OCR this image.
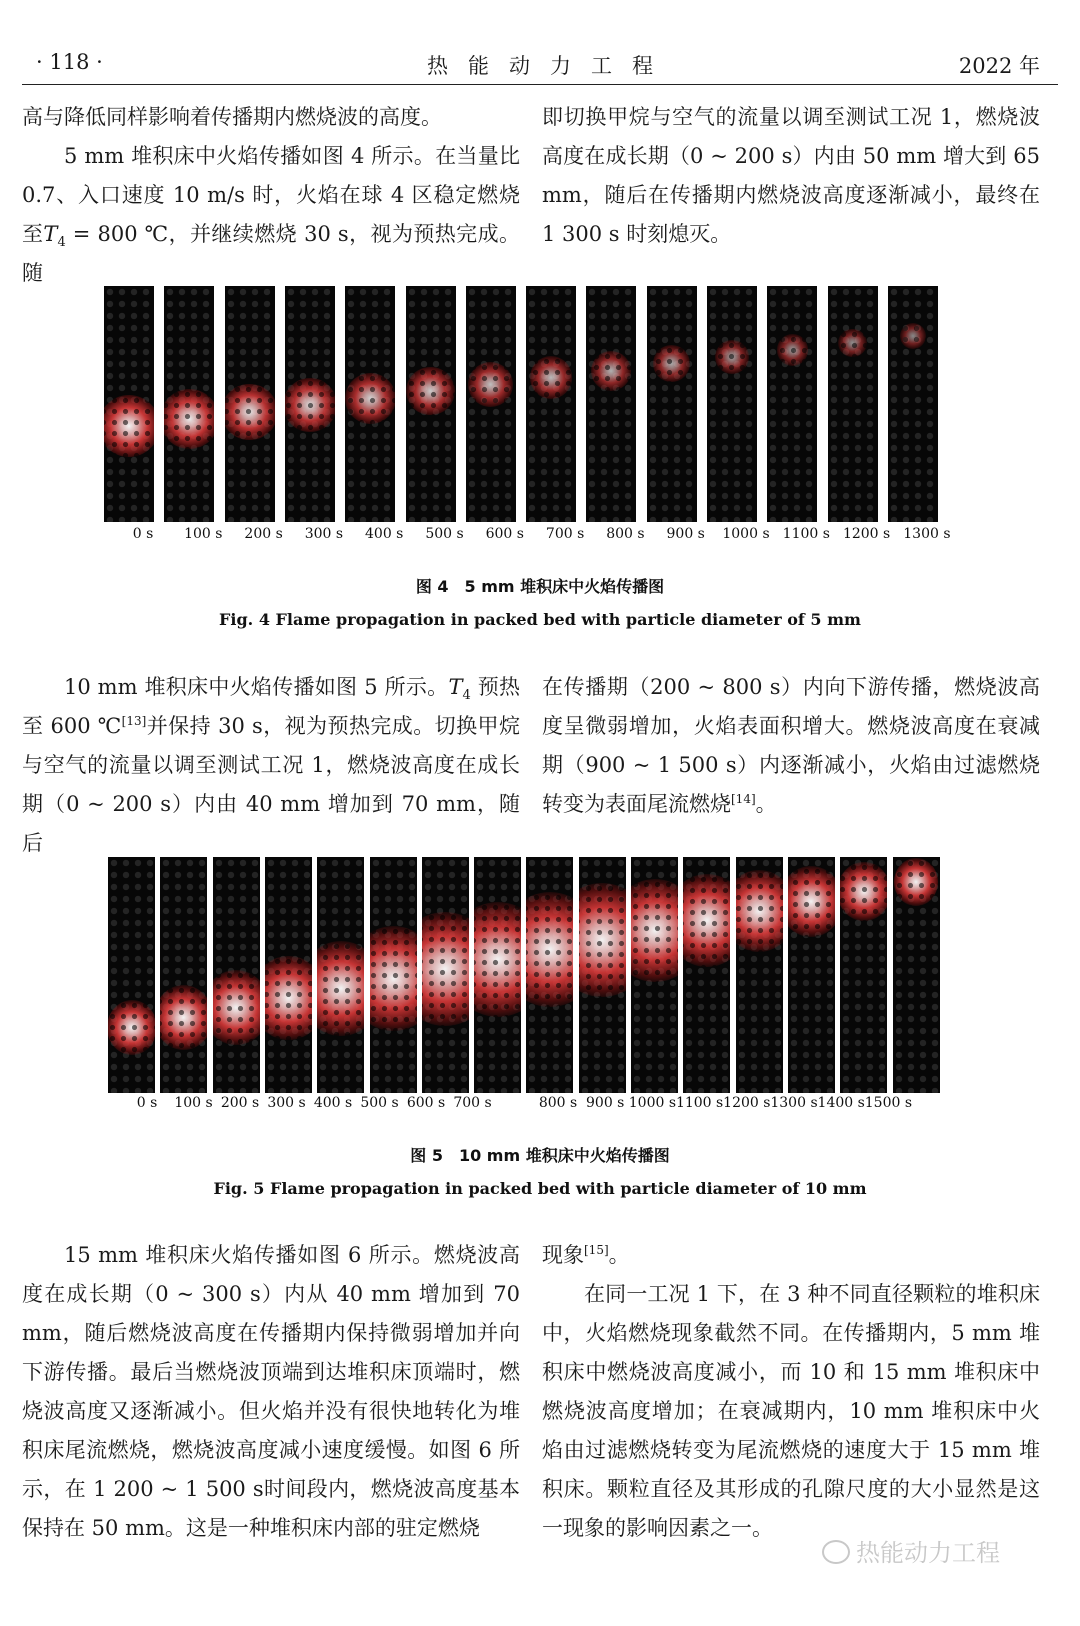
· 118 ·	热能动力工程	2022 年

高与降低同样影响着传播期内燃烧波的高度。

5 mm 堆积床中火焰传播如图 4 所示。在当量比 0.7、入口速度 10 m/s 时，火焰在球 4 区稳定燃烧至$T_4 = 800$ ℃，并继续燃烧 30 s，视为预热完成。随

即切换甲烷与空气的流量以调至测试工况 1，燃烧波高度在成长期（0 ~ 200 s）内由 50 mm 增大到 65 mm，随后在传播期内燃烧波高度逐渐减小，最终在 1 300 s 时刻熄灭。

0 s 100 s 200 s 300 s 400 s 500 s 600 s 700 s 800 s 900 s 1000 s 1100 s 1200 s 1300 s
图 4　5 mm 堆积床中火焰传播图
Fig. 4 Flame propagation in packed bed with particle diameter of 5 mm

10 mm 堆积床中火焰传播如图 5 所示。$T_4$ 预热至 600 ℃[13]并保持 30 s，视为预热完成。切换甲烷与空气的流量以调至测试工况 1，燃烧波高度在成长期（0 ~ 200 s）内由 40 mm 增加到 70 mm，随后

在传播期（200 ~ 800 s）内向下游传播，燃烧波高度呈微弱增加，火焰表面积增大。燃烧波高度在衰减期（900 ~ 1 500 s）内逐渐减小，火焰由过滤燃烧转变为表面尾流燃烧[14]。

0 s 100 s 200 s 300 s 400 s 500 s 600 s 700 s	800 s 900 s 1000 s 1100 s 1200 s 1300 s 1400 s 1500 s
图 5　10 mm 堆积床中火焰传播图
Fig. 5 Flame propagation in packed bed with particle diameter of 10 mm

15 mm 堆积床火焰传播如图 6 所示。燃烧波高度在成长期（0 ~ 300 s）内从 40 mm 增加到 70 mm，随后燃烧波高度在传播期内保持微弱增加并向下游传播。最后当燃烧波顶端到达堆积床顶端时，燃烧波高度又逐渐减小。但火焰并没有很快地转化为堆积床尾流燃烧，燃烧波高度减小速度缓慢。如图 6 所示，在 1 200 ~ 1 500 s时间段内，燃烧波高度基本保持在 50 mm。这是一种堆积床内部的驻定燃烧

现象[15]。

在同一工况 1 下，在 3 种不同直径颗粒的堆积床中，火焰燃烧现象截然不同。在传播期内，5 mm 堆积床中燃烧波高度减小，而 10 和 15 mm 堆积床中燃烧波高度增加；在衰减期内，10 mm 堆积床中火焰由过滤燃烧转变为尾流燃烧的速度大于 15 mm 堆积床。颗粒直径及其形成的孔隙尺度的大小显然是这一现象的影响因素之一。

热能动力工程
